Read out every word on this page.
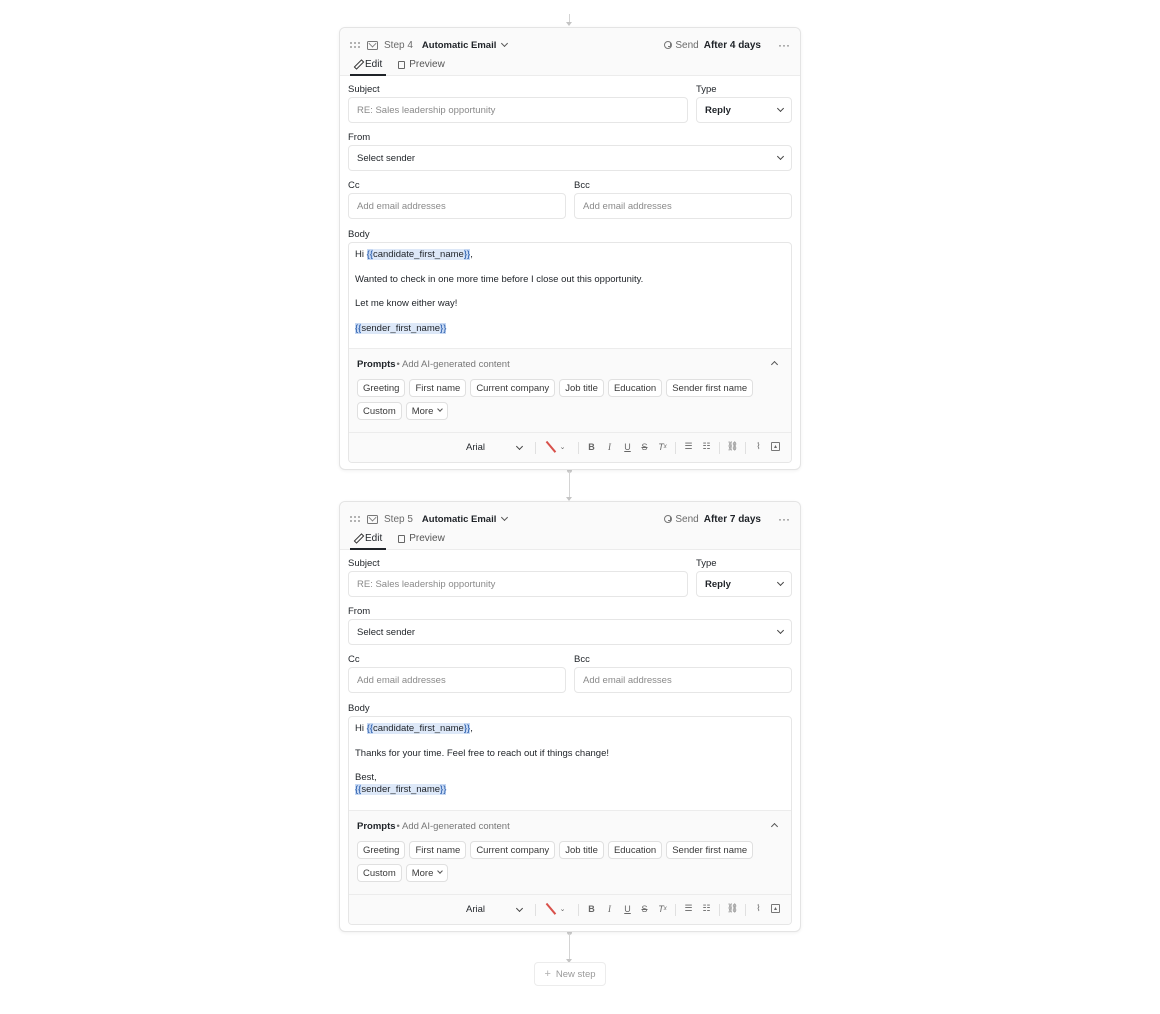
Step 4 Automatic Email	Send After 4 days ···
Edit	Preview
Subject
RE: Sales leadership opportunity
Type
Reply
From
Select sender
Cc
Add email addresses
Bcc
Add email addresses
Body
Hi {{candidate_first_name}},
Wanted to check in one more time before I close out this opportunity.
Let me know either way!
{{sender_first_name}}
Prompts • Add AI-generated content
Greeting	First name	Current company	Job title	Education	Sender first name
Custom	More
Arial	⌄	B	I	U S T x ☰ ☷ ⛓	⌇	▴
Step 5 Automatic Email	Send After 7 days ···
Edit	Preview
Subject
RE: Sales leadership opportunity
Type
Reply
From
Select sender
Cc
Add email addresses
Bcc
Add email addresses
Body
Hi {{candidate_first_name}},
Thanks for your time. Feel free to reach out if things change!
Best,
{{sender_first_name}}
Prompts • Add AI-generated content
Greeting	First name	Current company	Job title	Education	Sender first name
Custom	More
Arial	⌄	B	I	U S T x ☰ ☷ ⛓	⌇	▴
+ New step
